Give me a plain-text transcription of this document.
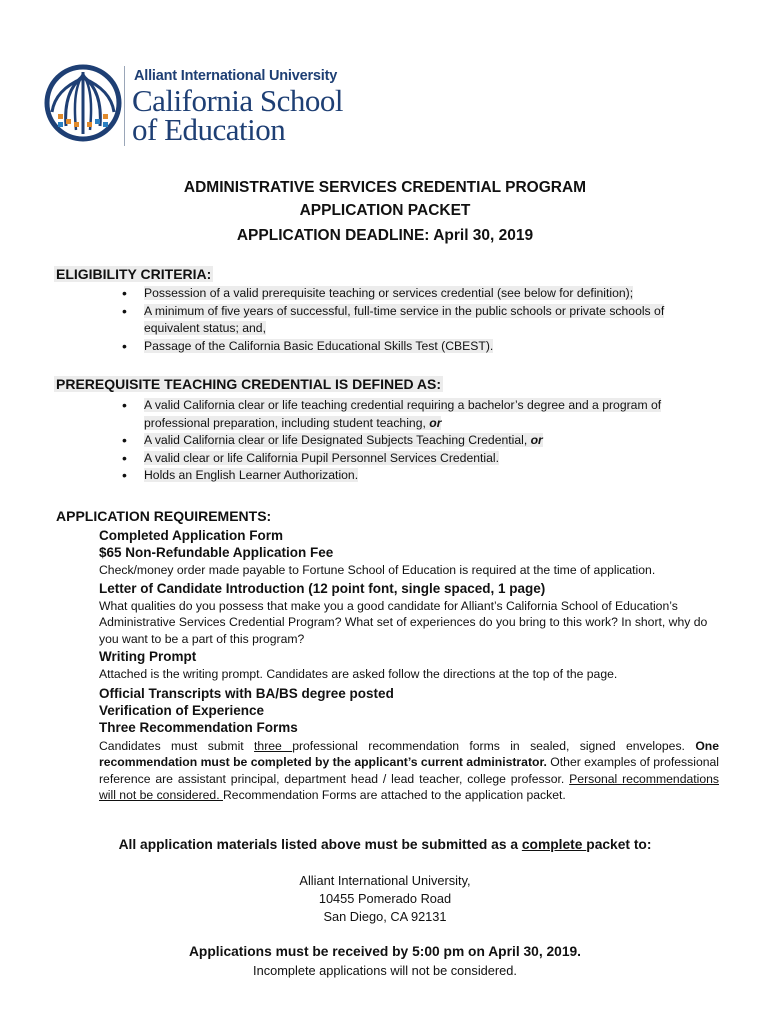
Alliant International University
California School
of Education
ADMINISTRATIVE SERVICES CREDENTIAL PROGRAM
APPLICATION PACKET
APPLICATION DEADLINE: April 30, 2019
ELIGIBILITY CRITERIA:
• Possession of a valid prerequisite teaching or services credential (see below for definition);
• A minimum of five years of successful, full-time service in the public schools or private schools of equivalent status; and,
• Passage of the California Basic Educational Skills Test (CBEST).
PREREQUISITE TEACHING CREDENTIAL IS DEFINED AS:
• A valid California clear or life teaching credential requiring a bachelor’s degree and a program of professional preparation, including student teaching, or
• A valid California clear or life Designated Subjects Teaching Credential, or
• A valid clear or life California Pupil Personnel Services Credential.
• Holds an English Learner Authorization.
APPLICATION REQUIREMENTS:
Completed Application Form
$65 Non-Refundable Application Fee
Check/money order made payable to Fortune School of Education is required at the time of application.
Letter of Candidate Introduction (12 point font, single spaced, 1 page)
What qualities do you possess that make you a good candidate for Alliant’s California School of Education’s Administrative Services Credential Program? What set of experiences do you bring to this work? In short, why do you want to be a part of this program?
Writing Prompt
Attached is the writing prompt. Candidates are asked follow the directions at the top of the page.
Official Transcripts with BA/BS degree posted
Verification of Experience
Three Recommendation Forms
Candidates must submit three professional recommendation forms in sealed, signed envelopes. One recommendation must be completed by the applicant’s current administrator. Other examples of professional reference are assistant principal, department head / lead teacher, college professor. Personal recommendations will not be considered. Recommendation Forms are attached to the application packet.
All application materials listed above must be submitted as a complete packet to:
Alliant International University,
10455 Pomerado Road
San Diego, CA 92131
Applications must be received by 5:00 pm on April 30, 2019.
Incomplete applications will not be considered.
